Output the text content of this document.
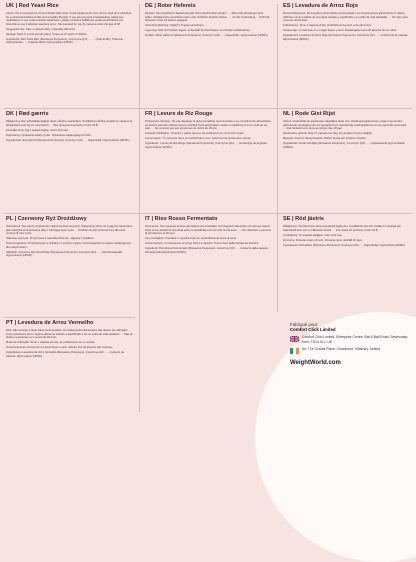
UK | Red Yeast Rice
Advice: Do not exceed the recommended daily dose. Food supplements must not be used as a substitute for a varied and balanced diet and a healthy lifestyle. If you are pregnant, breastfeeding, taking any medications or are under medical supervision, please consult a healthcare professional before use. Discontinue use if adverse reactions occur. Not intended for use by persons under the age of 18.
Suggested Use: Take 1 capsule daily, preferably with food.
Storage: Store in a cool and dry place. Keep out of reach of children.
Ingredients: Red Yeast Rice (Monascus Purpureus), Coenzyme Q10 …, … (Vitamin B1), Thiamine Hydrochloride, …, Capsule Shell: Hypromellose (HPMC).
DK | Rød gærris
Rådgivning: Den anbefalede daglige dosis må ikke overskrides. Kosttilskud må ikke erstatte en varieret og afbalanceret kost og en sund livsstil. … Ikke beregnet til personer under 18 år.
Foreslået brug: Tag 1 kapsel dagligt, helst med mad.
Opbevaring: Opbevares køligt og tørt. Opbevares utilgængeligt for børn.
Ingredienser: Rød gærris (Monascus Purpureus), Coenzym Q10, …, Kapselskal: Hypromellose (HPMC).
PL | Czerwony Ryż Drożdżowy
Ostrzeżenie: Nie należy przekraczać zalecanej dziennej porcji. Suplementy diety nie mogą być stosowane jako substytut zróżnicowanej diety i zdrowego stylu życia. … Produkt nie jest przeznaczony dla osób poniżej 18 roku życia.
Zalecane spożycie: Przyjmować 1 kapsułkę dziennie, najlepiej z posiłkiem.
Przechowywanie: Przechowywać w chłodnym i suchym miejscu. Przechowywać w miejscu niedostępnym dla małych dzieci.
Składniki: Czerwony Ryż Drożdżowy (Monascus Purpureus), Koenzym Q10, …, Otoczka kapsułki: Hypromeloza (HPMC).
PT | Levedura de Arroz Vermelho
Dica: Não exceder a dose diária recomendada. Os suplementos alimentares não devem ser utilizados como substitutos de um regime alimentar variado e equilibrado e de um estilo de vida saudável. … Não se destina a pessoas com menos de 18 anos.
Modo de Utilização: Tome 1 cápsula por dia, de preferência com a comida.
Armazenamento: Conservar em local fresco e seco. Manter fora do alcance das crianças.
Ingredientes: Levedura de Arroz Vermelho (Monascus Purpureus), Coenzima Q10, …, Invólucro da cápsula: Hipromelose (HPMC).
DE | Roter Hefereis
Hinweis: Die empfohlene Tagesdosis darf nicht überschritten werden. … Wenn Sie schwanger sind, stillen, Medikamente einnehmen oder unter ärztlicher Aufsicht stehen, … vor der Anwendung … Nicht für Personen unter 18 Jahren geeignet.
Verzehrempfehlung: Täglich 1 Kapsel einnehmen, …
Lagerung: Kühl und trocken lagern. Außerhalb der Reichweite von Kindern aufbewahren.
Zutaten: Roter Hefereis (Monascus Purpureus), Coenzym Q10, …, Kapselhülle: Hypromellose (HPMC).
FR | Levure de Riz Rouge
Précautions d'emploi : Ne pas dépasser la dose journalière recommandée. Les compléments alimentaires ne doivent pas être utilisés comme substitut d'une alimentation variée et équilibrée et d'un mode de vie sain. … Ne convient pas aux personnes de moins de 18 ans.
Conseils d'utilisation : Prendre 1 gélule par jour, de préférence au cours d'un repas.
Conservation : À conserver dans un endroit frais et sec. Tenir hors de portée des enfants.
Ingrédients : Levure de Riz Rouge (Monascus Purpureus), Coenzyme Q10, …, Enveloppe de la gélule : Hypromellose (HPMC).
IT | Riso Rosso Fermentato
Avvertenze: Non superare la dose giornaliera raccomandata. Gli integratori alimentari non devono essere intesi come sostituti di una dieta varia ed equilibrata e di uno stile di vita sano. … Non destinato a persone di età inferiore ai 18 anni.
Uso Consigliato: Prendere 1 capsula al giorno, preferibilmente prima di cena.
Conservazione: Conservare in un luogo fresco e asciutto. Tenere fuori dalla portata dei bambini.
Ingredienti: Riso Rosso Fermentato (Monascus Purpureus), Coenzima Q10, …, Involucro della capsula: Idrossipropilmetilcellulosa (HPMC).
ES | Levadura de Arroz Rojo
Recomendaciones: No exceda la dosis diaria recomendada. Los complementos alimenticios no deben utilizarse como sustituto de una dieta variada y equilibrada y un estilo de vida saludable. … No apto para menores de 18 años.
Indicaciones: Tome 1 cápsula al día, preferiblemente junto a los alimentos.
Almacenaje: Consérvese en un lugar fresco y seco. Manténgase fuera del alcance de los niños.
Ingredientes: Levadura de Arroz Rojo (Monascus Purpureus), Coenzima Q10, …, Cubierta de la cápsula: Hipromelosa (HPMC).
NL | Rode Gist Rijst
Advies: Overschrijd de aanbevolen dagelijkse dosis niet. Voedingssupplementen mogen niet worden gebruikt als vervanging van een gevarieerd en evenwichtig voedingspatroon en een gezonde levensstijl. … Niet bedoeld voor personen jonger dan 18 jaar.
Aanbevolen gebruik: Neem 1 capsule per dag, bij voorkeur bij een maaltijd.
Bewaren: Koel en droog bewaren. Buiten bereik van kinderen houden.
Ingrediënten: Rode Gist Rijst (Monascus Purpureus), Co-enzym Q10, …, Capsulewand: Hypromellose (HPMC).
SE | Röd jästris
Rådgivning: Överskrid inte rekommenderad daglig dos. Kosttillskott ska inte ersätta en varierad och balanserad kost och en hälsosam livsstil. … Inte avsett för personer under 18 år.
Användning: Ta 1 kapsel dagligen, helst med mat.
Förvaring: Förvaras svalt och torrt. Förvaras utom räckhåll för barn.
Ingredienser: Röd jästris (Monascus Purpureus), Koenzym Q10, …, Kapselhölje: Hypromellos (HPMC).
Fabriqué pour
Comfort Click Limited
Comfort Click Limited, Enterprise Centre, Bat & Ball Road, Sevenoaks, Kent, TN14 5LJ, UK
No 7 Dr Crokes Place, Cloonmore, Killarney, Ireland
WeightWorld.com
